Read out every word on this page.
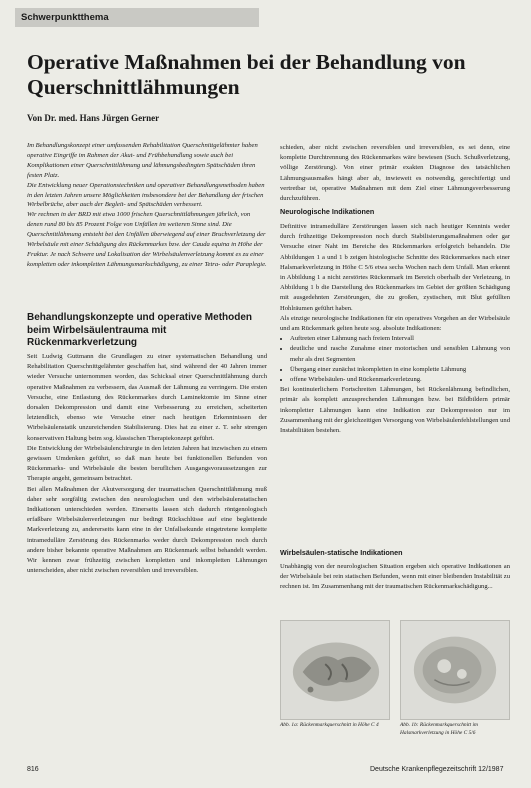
Schwerpunktthema
Operative Maßnahmen bei der Behandlung von Querschnittlähmungen
Von Dr. med. Hans Jürgen Gerner

Im Behandlungskonzept einer umfassenden Rehabilitation Querschnittgelähmter haben operative Eingriffe im Rahmen der Akut- und Frühbehandlung sowie auch bei Komplikationen einer Querschnittlähmung und lähmungsbedingten Spätschäden ihren festen Platz.

Die Entwicklung neuer Operationstechniken und operativer Behandlungsmethoden haben in den letzten Jahren unsere Möglichkeiten insbesondere bei der Behandlung der frischen Wirbelbrüche, aber auch der Begleit- und Spätschäden verbessert.

Wir rechnen in der BRD mit etwa 1000 frischen Querschnittlähmungen jährlich, von denen rund 80 bis 85 Prozent Folge von Unfällen im weiteren Sinne sind. Die Querschnittlähmung entsteht bei den Unfällen überwiegend auf einer Bruchverletzung der Wirbelsäule mit einer Schädigung des Rückenmarkes bzw. der Cauda equina in Höhe der Fraktur. Je nach Schwere und Lokalisation der Wirbelsäulenverletzung kommt es zu einer kompletten oder inkompletten Lähmungsmarkschädigung, zu einer Tetra- oder Paraplegie.

Behandlungskonzepte und operative Methoden beim Wirbelsäulentrauma mit Rückenmarkverletzung

Seit Ludwig Guttmann die Grundlagen zu einer systematischen Behandlung und Rehabilitation Querschnittgelähmter geschaffen hat, sind während der 40 Jahren immer wieder Versuche unternommen worden, das Schicksal einer Querschnittlähmung durch operative Maßnahmen zu verbessern, das Ausmaß der Lähmung zu verringern. Die ersten Versuche, eine Entlastung des Rückenmarkes durch Laminektomie im Sinne einer dorsalen Dekompression und damit eine Verbesserung zu erreichen, scheiterten letztendlich, ebenso wie Versuche einer nach heutigen Erkenntnissen der Wirbelsäulenstatik unzureichenden Stabilisierung. Dies hat zu einer z. T. sehr strengen konservativen Haltung beim sog. klassischen Therapiekonzept geführt.

Die Entwicklung der Wirbelsäulenchirurgie in den letzten Jahren hat inzwischen zu einem gewissen Umdenken geführt, so daß man heute bei funktionellen Befunden von Rückenmarks- und Wirbelsäule die besten beruflichen Ausgangsvoraussetzungen zur Therapie angeht, gemeinsam betrachtet.

Bei allen Maßnahmen der Akutversorgung der traumatischen Querschnittlähmung muß daher sehr sorgfältig zwischen den neurologischen und den wirbelsäulenstatischen Indikationen unterschieden werden. Einerseits lassen sich dadurch röntgenologisch erfaßbare Wirbelsäulenverletzungen nur bedingt Rückschlüsse auf eine begleitende Markverletzung zu, andererseits kann eine in der Unfallsekunde eingetretene komplette intramedulläre Zerstörung des Rückenmarks weder durch Dekompression noch durch andere bisher bekannte operative Maßnahmen am Rückenmark selbst behandelt werden. Wir kennen zwar frühzeitig zwischen kompletten und inkompletten Lähmungen unterscheiden, aber nicht zwischen reversiblen und irreversiblen.

schieden, aber nicht zwischen reversiblen und irreversiblen, es sei denn, eine komplette Durchtrennung des Rückenmarkes wäre bewiesen (Such. Schußverletzung, völlige Zerstörung). Von einer primär exakten Diagnose des tatsächlichen Lähmungsausmaßes hängt aber ab, inwieweit es notwendig, gerechtfertigt und vertretbar ist, operative Maßnahmen mit dem Ziel einer Lähmungsverbesserung durchzuführen.

Neurologische Indikationen

Definitive intramedulläre Zerstörungen lassen sich nach heutiger Kenntnis weder durch frühzeitige Dekompression noch durch Stabilisierungsmaßnahmen oder gar Versuche einer Naht im Bereiche des Rückenmarkes erfolgreich behandeln. Die Abbildungen 1 a und 1 b zeigen histologische Schnitte des Rückenmarkes nach einer Halsmarkverletzung in Höhe C 5/6 etwa sechs Wochen nach dem Unfall. Man erkennt in Abbildung 1 a nicht zerstörtes Rückenmark im Bereich oberhalb der Verletzung, in Abbildung 1 b die Darstellung des Rückenmarkes im Gebiet der größten Schädigung mit ausgedehnten Zerstörungen, die zu großen, zystischen, mit Blut gefüllten Hohlräumen geführt haben.

Als einzige neurologische Indikationen für ein operatives Vorgehen an der Wirbelsäule und am Rückenmark gelten heute sog. absolute Indikationen:

• Auftreten einer Lähmung nach freiem Intervall
• deutliche und rasche Zunahme einer motorischen und sensiblen Lähmung von mehr als drei Segmenten
• Übergang einer zunächst inkompletten in eine komplette Lähmung
• offene Wirbelsäulen- und Rückenmarkverletzung.

Bei kontinuierlichem Fortschreiten Lähmungen, bei Rückenlähmung befindlichen, primär als komplett anzusprechenden Lähmungen bzw. bei Bildbildern primär inkompletter Lähmungen kann eine Indikation zur Dekompression nur im Zusammenhang mit der gleichzeitigen Versorgung von Wirbelsäulenfehlstellungen und Instabilitäten bestehen.

Wirbelsäulen-statische Indikationen

Unabhängig von der neurologischen Situation ergeben sich operative Indikationen an der Wirbelsäule bei rein statischen Befunden, wenn mit einer bleibenden Instabilität zu rechnen ist. Im Zusammenhang mit der traumatischen Rückenmarkschädigung...

Abb. 1a: Rückenmarkquerschnitt in Höhe C 4	Abb. 1b: Rückenmarkquerschnitt im Halsmarkverletzung in Höhe C 5/6
816	Deutsche Krankenpflegezeitschrift 12/1987
